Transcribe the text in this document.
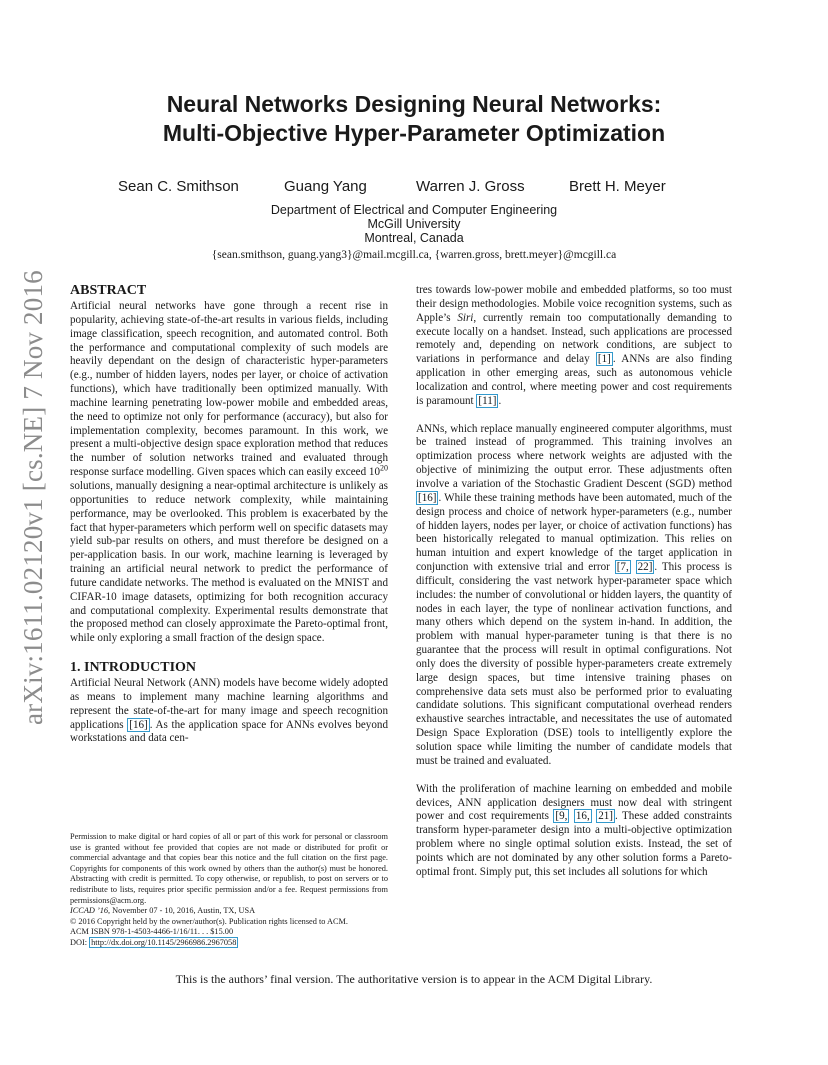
arXiv:1611.02120v1 [cs.NE] 7 Nov 2016
Neural Networks Designing Neural Networks:
Multi-Objective Hyper-Parameter Optimization
Sean C. Smithson	Guang Yang	Warren J. Gross	Brett H. Meyer
Department of Electrical and Computer Engineering
McGill University
Montreal, Canada
{sean.smithson, guang.yang3}@mail.mcgill.ca, {warren.gross, brett.meyer}@mcgill.ca
ABSTRACT

Artificial neural networks have gone through a recent rise in popularity, achieving state-of-the-art results in various fields, including image classification, speech recognition, and automated control. Both the performance and computational complexity of such models are heavily dependant on the design of characteristic hyper-parameters (e.g., number of hidden layers, nodes per layer, or choice of activation functions), which have traditionally been optimized manually. With machine learning penetrating low-power mobile and embedded areas, the need to optimize not only for performance (accuracy), but also for implementation complexity, becomes paramount. In this work, we present a multi-objective design space exploration method that reduces the number of solution networks trained and evaluated through response surface modelling. Given spaces which can easily exceed $10^{20}$ solutions, manually designing a near-optimal architecture is unlikely as opportunities to reduce network complexity, while maintaining performance, may be overlooked. This problem is exacerbated by the fact that hyper-parameters which perform well on specific datasets may yield sub-par results on others, and must therefore be designed on a per-application basis. In our work, machine learning is leveraged by training an artificial neural network to predict the performance of future candidate networks. The method is evaluated on the MNIST and CIFAR-10 image datasets, optimizing for both recognition accuracy and computational complexity. Experimental results demonstrate that the proposed method can closely approximate the Pareto-optimal front, while only exploring a small fraction of the design space.

1. INTRODUCTION

Artificial Neural Network (ANN) models have become widely adopted as means to implement many machine learning algorithms and represent the state-of-the-art for many image and speech recognition applications [16] . As the application space for ANNs evolves beyond workstations and data cen-

tres towards low-power mobile and embedded platforms, so too must their design methodologies. Mobile voice recognition systems, such as Apple’s Siri, currently remain too computationally demanding to execute locally on a handset. Instead, such applications are processed remotely and, depending on network conditions, are subject to variations in performance and delay [1] . ANNs are also finding application in other emerging areas, such as autonomous vehicle localization and control, where meeting power and cost requirements is paramount [11] .

ANNs, which replace manually engineered computer algorithms, must be trained instead of programmed. This training involves an optimization process where network weights are adjusted with the objective of minimizing the output error. These adjustments often involve a variation of the Stochastic Gradient Descent (SGD) method [16] . While these training methods have been automated, much of the design process and choice of network hyper-parameters (e.g., number of hidden layers, nodes per layer, or choice of activation functions) has been historically relegated to manual optimization. This relies on human intuition and expert knowledge of the target application in conjunction with extensive trial and error [7, 22] . This process is difficult, considering the vast network hyper-parameter space which includes: the number of convolutional or hidden layers, the quantity of nodes in each layer, the type of nonlinear activation functions, and many others which depend on the system in-hand. In addition, the problem with manual hyper-parameter tuning is that there is no guarantee that the process will result in optimal configurations. Not only does the diversity of possible hyper-parameters create extremely large design spaces, but time intensive training phases on comprehensive data sets must also be performed prior to evaluating candidate solutions. This significant computational overhead renders exhaustive searches intractable, and necessitates the use of automated Design Space Exploration (DSE) tools to intelligently explore the solution space while limiting the number of candidate models that must be trained and evaluated.

With the proliferation of machine learning on embedded and mobile devices, ANN application designers must now deal with stringent power and cost requirements [9, 16, 21] . These added constraints transform hyper-parameter design into a multi-objective optimization problem where no single optimal solution exists. Instead, the set of points which are not dominated by any other solution forms a Pareto-optimal front. Simply put, this set includes all solutions for which

Permission to make digital or hard copies of all or part of this work for personal or classroom use is granted without fee provided that copies are not made or distributed for profit or commercial advantage and that copies bear this notice and the full citation on the first page. Copyrights for components of this work owned by others than the author(s) must be honored. Abstracting with credit is permitted. To copy otherwise, or republish, to post on servers or to redistribute to lists, requires prior specific permission and/or a fee. Request permissions from permissions@acm.org.

ICCAD ’16, November 07 - 10, 2016, Austin, TX, USA

© 2016 Copyright held by the owner/author(s). Publication rights licensed to ACM.

ACM ISBN 978-1-4503-4466-1/16/11. . . $15.00

DOI: http://dx.doi.org/10.1145/2966986.2967058

This is the authors’ final version. The authoritative version is to appear in the ACM Digital Library.
